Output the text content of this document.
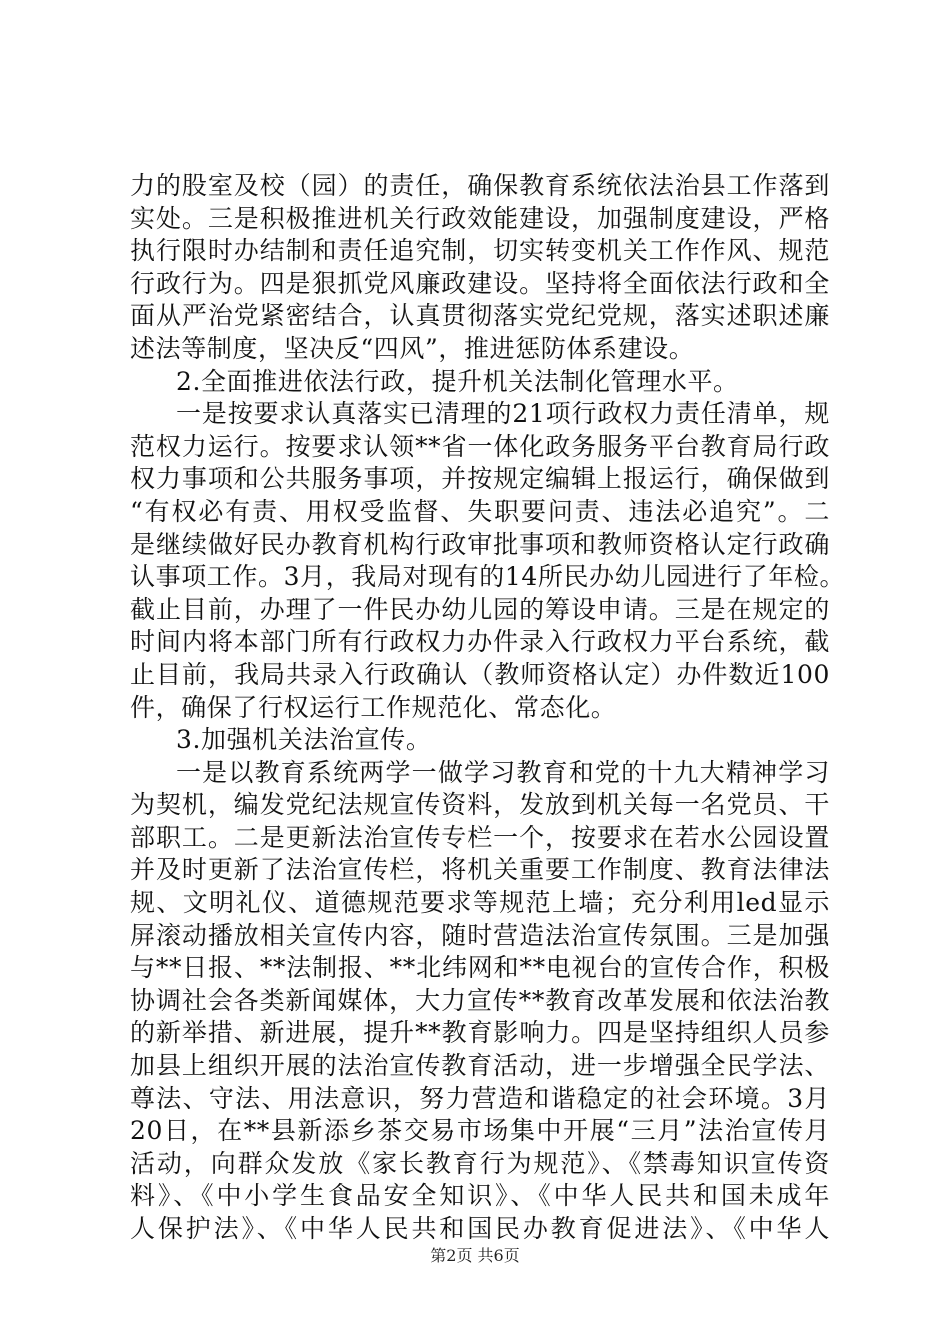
力的股室及校（园）的责任，确保教育系统依法治县工作落到
实处。三是积极推进机关行政效能建设，加强制度建设，严格
执行限时办结制和责任追究制，切实转变机关工作作风、规范
行政行为。四是狠抓党风廉政建设。坚持将全面依法行政和全
面从严治党紧密结合，认真贯彻落实党纪党规，落实述职述廉
述法等制度，坚决反“四风”，推进惩防体系建设。
2.全面推进依法行政，提升机关法制化管理水平。
一是按要求认真落实已清理的21项行政权力责任清单，规
范权力运行。按要求认领**省一体化政务服务平台教育局行政
权力事项和公共服务事项，并按规定编辑上报运行，确保做到
“有权必有责、用权受监督、失职要问责、违法必追究”。二
是继续做好民办教育机构行政审批事项和教师资格认定行政确
认事项工作。3月，我局对现有的14所民办幼儿园进行了年检。
截止目前，办理了一件民办幼儿园的筹设申请。三是在规定的
时间内将本部门所有行政权力办件录入行政权力平台系统，截
止目前，我局共录入行政确认（教师资格认定）办件数近100
件，确保了行权运行工作规范化、常态化。
3.加强机关法治宣传。
一是以教育系统两学一做学习教育和党的十九大精神学习
为契机，编发党纪法规宣传资料，发放到机关每一名党员、干
部职工。二是更新法治宣传专栏一个，按要求在若水公园设置
并及时更新了法治宣传栏，将机关重要工作制度、教育法律法
规、文明礼仪、道德规范要求等规范上墙；充分利用led显示
屏滚动播放相关宣传内容，随时营造法治宣传氛围。三是加强
与**日报、**法制报、**北纬网和**电视台的宣传合作，积极
协调社会各类新闻媒体，大力宣传**教育改革发展和依法治教
的新举措、新进展，提升**教育影响力。四是坚持组织人员参
加县上组织开展的法治宣传教育活动，进一步增强全民学法、
尊法、守法、用法意识，努力营造和谐稳定的社会环境。3月
20日，在**县新添乡茶交易市场集中开展“三月”法治宣传月
活动，向群众发放《家长教育行为规范》、《禁毒知识宣传资
料》、《中小学生食品安全知识》、《中华人民共和国未成年
人保护法》、《中华人民共和国民办教育促进法》、《中华人
第2页 共6页
